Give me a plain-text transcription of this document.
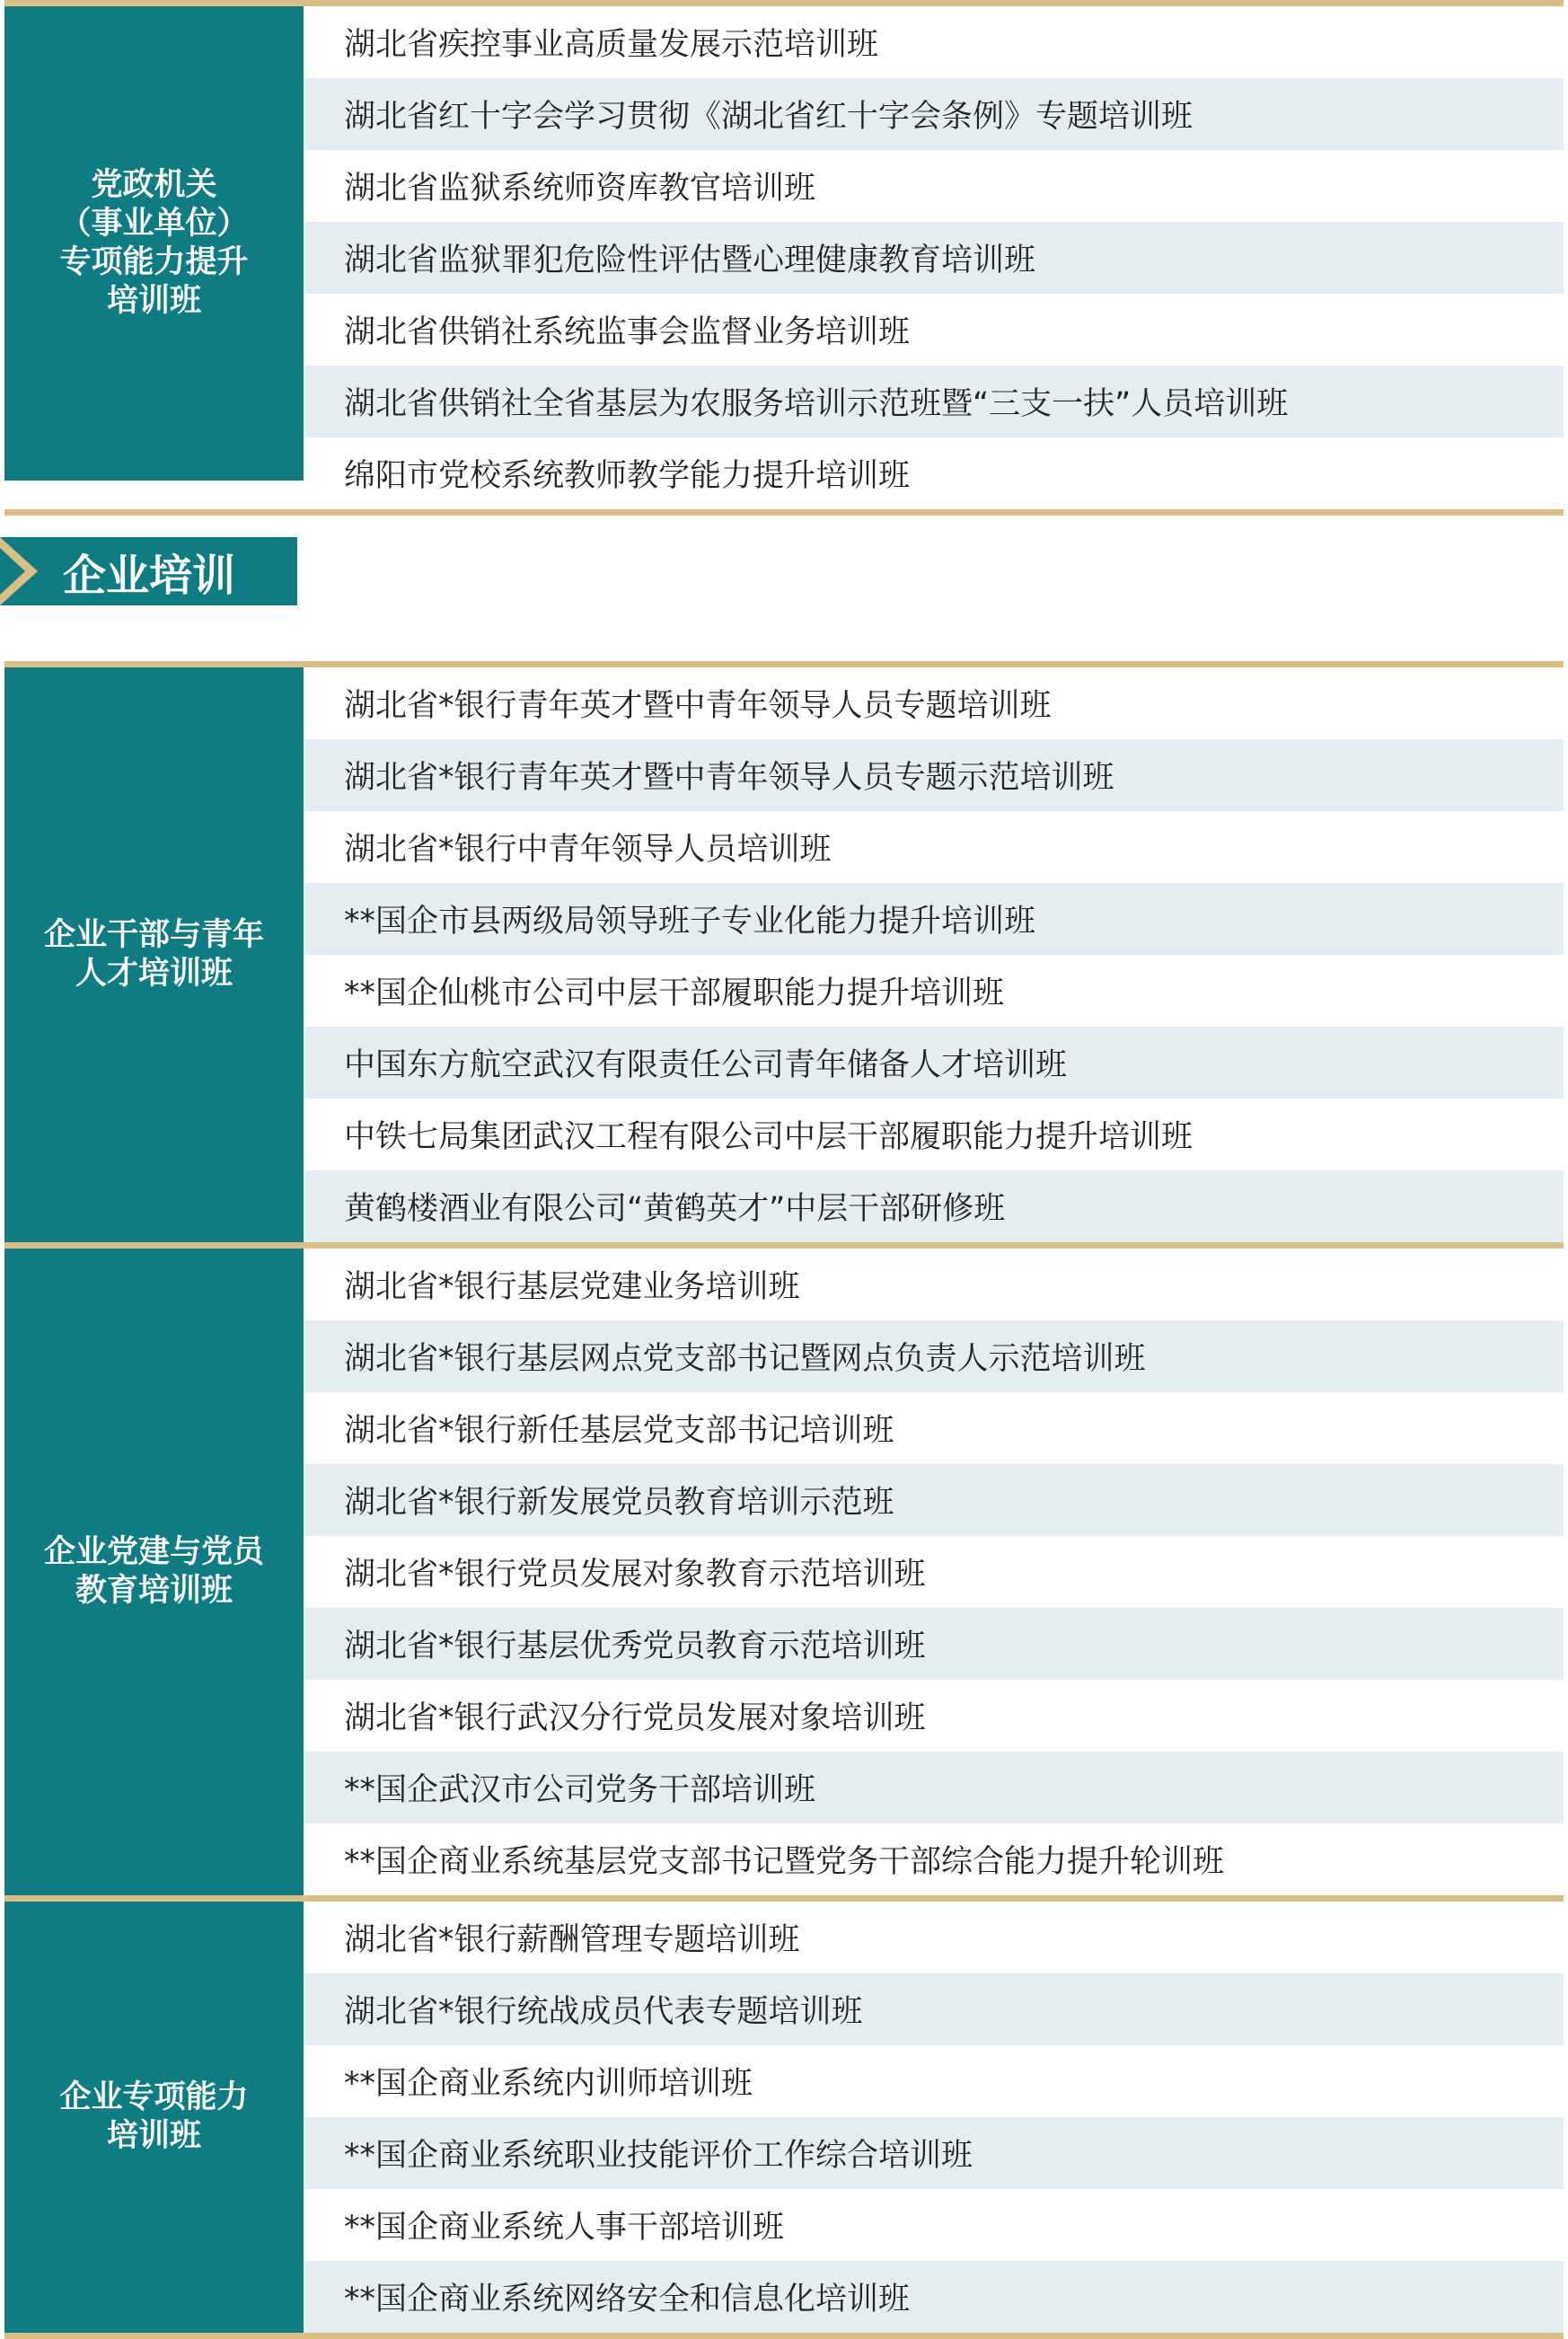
党政机关
（事业单位）
专项能力提升
培训班
湖北省疾控事业高质量发展示范培训班
湖北省红十字会学习贯彻《湖北省红十字会条例》专题培训班
湖北省监狱系统师资库教官培训班
湖北省监狱罪犯危险性评估暨心理健康教育培训班
湖北省供销社系统监事会监督业务培训班
湖北省供销社全省基层为农服务培训示范班暨“三支一扶”人员培训班
绵阳市党校系统教师教学能力提升培训班
企业培训
企业干部与青年
人才培训班
湖北省*银行青年英才暨中青年领导人员专题培训班
湖北省*银行青年英才暨中青年领导人员专题示范培训班
湖北省*银行中青年领导人员培训班
**国企市县两级局领导班子专业化能力提升培训班
**国企仙桃市公司中层干部履职能力提升培训班
中国东方航空武汉有限责任公司青年储备人才培训班
中铁七局集团武汉工程有限公司中层干部履职能力提升培训班
黄鹤楼酒业有限公司“黄鹤英才”中层干部研修班
企业党建与党员
教育培训班
湖北省*银行基层党建业务培训班
湖北省*银行基层网点党支部书记暨网点负责人示范培训班
湖北省*银行新任基层党支部书记培训班
湖北省*银行新发展党员教育培训示范班
湖北省*银行党员发展对象教育示范培训班
湖北省*银行基层优秀党员教育示范培训班
湖北省*银行武汉分行党员发展对象培训班
**国企武汉市公司党务干部培训班
**国企商业系统基层党支部书记暨党务干部综合能力提升轮训班
企业专项能力
培训班
湖北省*银行薪酬管理专题培训班
湖北省*银行统战成员代表专题培训班
**国企商业系统内训师培训班
**国企商业系统职业技能评价工作综合培训班
**国企商业系统人事干部培训班
**国企商业系统网络安全和信息化培训班
